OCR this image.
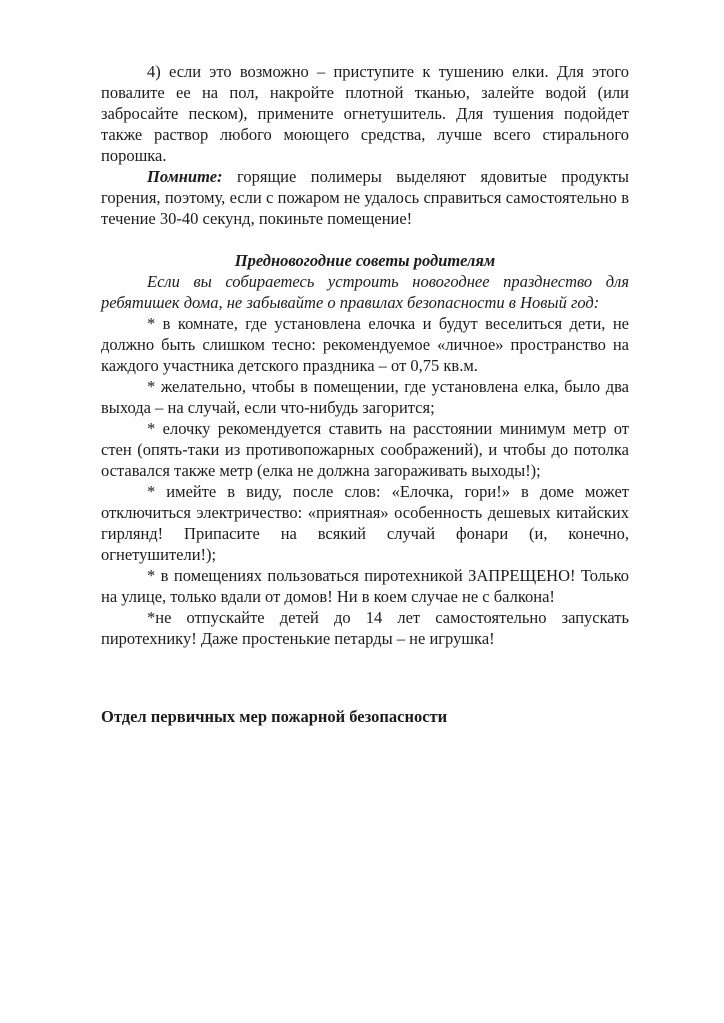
4) если это возможно – приступите к тушению елки. Для этого повалите ее на пол, накройте плотной тканью, залейте водой (или забросайте песком), примените огнетушитель. Для тушения подойдет также раствор любого моющего средства, лучше всего стирального порошка.

Помните: горящие полимеры выделяют ядовитые продукты горения, поэтому, если с пожаром не удалось справиться самостоятельно в течение 30-40 секунд, покиньте помещение!

Предновогодние советы родителям

Если вы собираетесь устроить новогоднее празднество для ребятишек дома, не забывайте о правилах безопасности в Новый год:

* в комнате, где установлена елочка и будут веселиться дети, не должно быть слишком тесно: рекомендуемое «личное» пространство на каждого участника детского праздника – от 0,75 кв.м.

* желательно, чтобы в помещении, где установлена елка, было два выхода – на случай, если что-нибудь загорится;

* елочку рекомендуется ставить на расстоянии минимум метр от стен (опять-таки из противопожарных соображений), и чтобы до потолка оставался также метр (елка не должна загораживать выходы!);

* имейте в виду, после слов: «Елочка, гори!» в доме может отключиться электричество: «приятная» особенность дешевых китайских гирлянд! Припасите на всякий случай фонари (и, конечно, огнетушители!);

* в помещениях пользоваться пиротехникой ЗАПРЕЩЕНО! Только на улице, только вдали от домов! Ни в коем случае не с балкона!

*не отпускайте детей до 14 лет самостоятельно запускать пиротехнику! Даже простенькие петарды – не игрушка!

Отдел первичных мер пожарной безопасности
